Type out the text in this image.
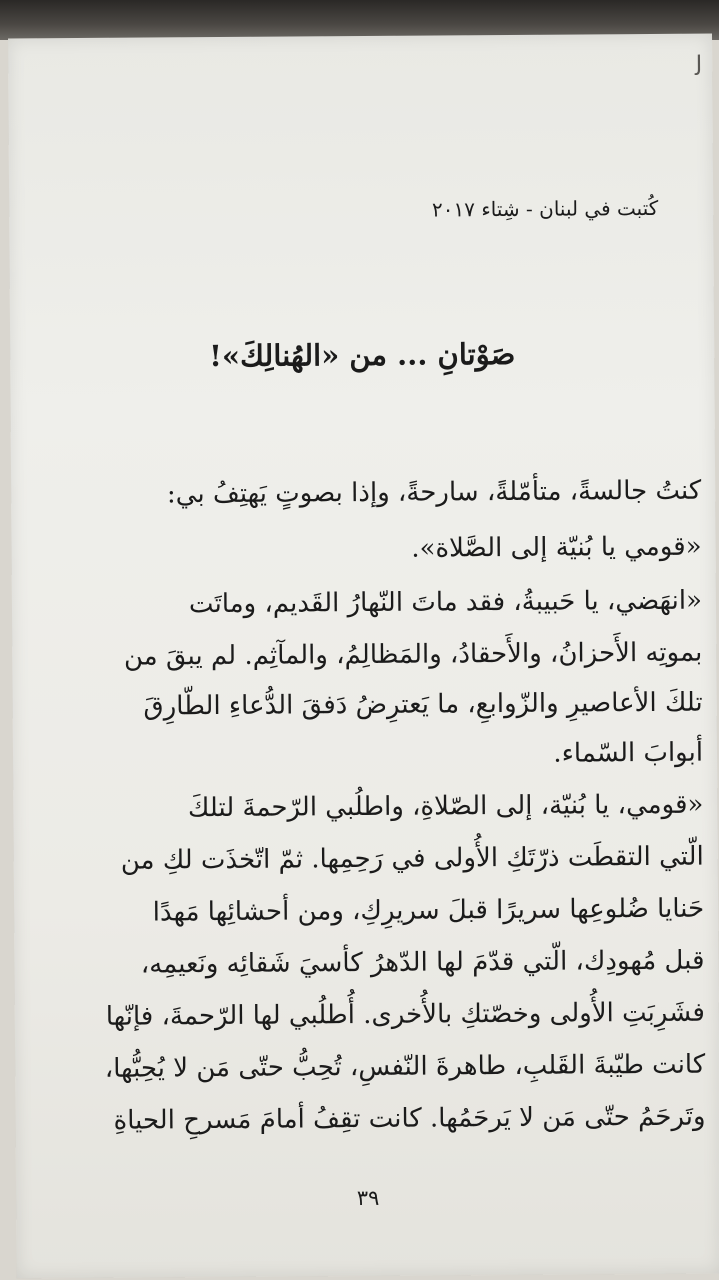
J
كُتبت في لبنان - شِتاء ٢٠١٧
صَوْتانِ ... من «الهُنالِكَ»!
كنتُ جالسةً، متأمّلةً، سارحةً، وإذا بصوتٍ يَهتِفُ بي:
«قومي يا بُنيّة إلى الصَّلاة».
«انهَضي، يا حَبيبةُ، فقد ماتَ النّهارُ القَديم، وماتَت
بموتِه الأَحزانُ، والأَحقادُ، والمَظالِمُ، والمآثِم. لم يبقَ من
تلكَ الأعاصيرِ والزّوابعِ، ما يَعترِضُ دَفقَ الدُّعاءِ الطّارِقَ
أبوابَ السّماء.
«قومي، يا بُنيّة، إلى الصّلاةِ، واطلُبي الرّحمةَ لتلكَ
الّتي التقطَت ذرّتَكِ الأُولى في رَحِمِها. ثمّ اتّخذَت لكِ من
حَنايا ضُلوعِها سريرًا قبلَ سريرِكِ، ومن أحشائِها مَهدًا
قبل مُهودِك، الّتي قدّمَ لها الدّهرُ كأسيَ شَقائِه ونَعيمِه،
فشَرِبَتِ الأُولى وخصّتكِ بالأُخرى. أُطلُبي لها الرّحمةَ، فإنّها
كانت طيّبةَ القَلبِ، طاهرةَ النّفسِ، تُحِبُّ حتّى مَن لا يُحِبُّها،
وتَرحَمُ حتّى مَن لا يَرحَمُها. كانت تقِفُ أمامَ مَسرحِ الحياةِ
٣٩
